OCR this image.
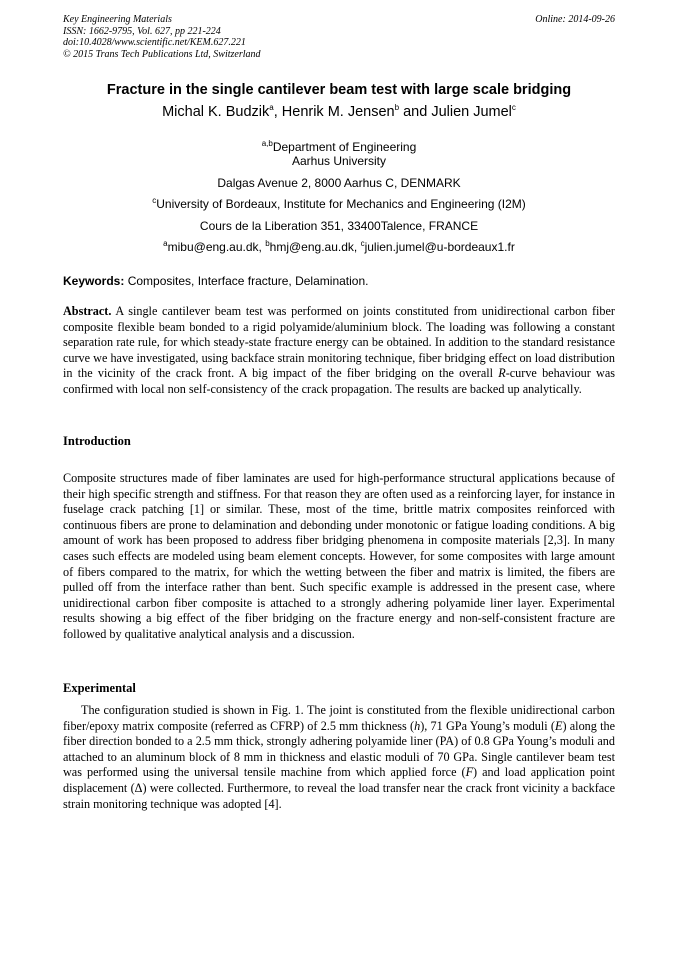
Key Engineering Materials
ISSN: 1662-9795, Vol. 627, pp 221-224
doi:10.4028/www.scientific.net/KEM.627.221
© 2015 Trans Tech Publications Ltd, Switzerland
Online: 2014-09-26
Fracture in the single cantilever beam test with large scale bridging
Michal K. Budzik$^a$, Henrik M. Jensen$^b$ and Julien Jumel$^c$
$^{a,b}$Department of Engineering
Aarhus University
Dalgas Avenue 2, 8000 Aarhus C, DENMARK
$^c$University of Bordeaux, Institute for Mechanics and Engineering (I2M)
Cours de la Liberation 351, 33400Talence, FRANCE
$^a$mibu@eng.au.dk, $^b$hmj@eng.au.dk, $^c$julien.jumel@u-bordeaux1.fr
Keywords: Composites, Interface fracture, Delamination.
Abstract. A single cantilever beam test was performed on joints constituted from unidirectional carbon fiber composite flexible beam bonded to a rigid polyamide/aluminium block. The loading was following a constant separation rate rule, for which steady-state fracture energy can be obtained. In addition to the standard resistance curve we have investigated, using backface strain monitoring technique, fiber bridging effect on load distribution in the vicinity of the crack front. A big impact of the fiber bridging on the overall R-curve behaviour was confirmed with local non self-consistency of the crack propagation. The results are backed up analytically.
Introduction
Composite structures made of fiber laminates are used for high-performance structural applications because of their high specific strength and stiffness. For that reason they are often used as a reinforcing layer, for instance in fuselage crack patching [1] or similar. These, most of the time, brittle matrix composites reinforced with continuous fibers are prone to delamination and debonding under monotonic or fatigue loading conditions. A big amount of work has been proposed to address fiber bridging phenomena in composite materials [2,3]. In many cases such effects are modeled using beam element concepts. However, for some composites with large amount of fibers compared to the matrix, for which the wetting between the fiber and matrix is limited, the fibers are pulled off from the interface rather than bent. Such specific example is addressed in the present case, where unidirectional carbon fiber composite is attached to a strongly adhering polyamide liner layer. Experimental results showing a big effect of the fiber bridging on the fracture energy and non-self-consistent fracture are followed by qualitative analytical analysis and a discussion.
Experimental
The configuration studied is shown in Fig. 1. The joint is constituted from the flexible unidirectional carbon fiber/epoxy matrix composite (referred as CFRP) of 2.5 mm thickness (h), 71 GPa Young’s moduli (E) along the fiber direction bonded to a 2.5 mm thick, strongly adhering polyamide liner (PA) of 0.8 GPa Young’s moduli and attached to an aluminum block of 8 mm in thickness and elastic moduli of 70 GPa. Single cantilever beam test was performed using the universal tensile machine from which applied force (F) and load application point displacement (Δ) were collected. Furthermore, to reveal the load transfer near the crack front vicinity a backface strain monitoring technique was adopted [4].
